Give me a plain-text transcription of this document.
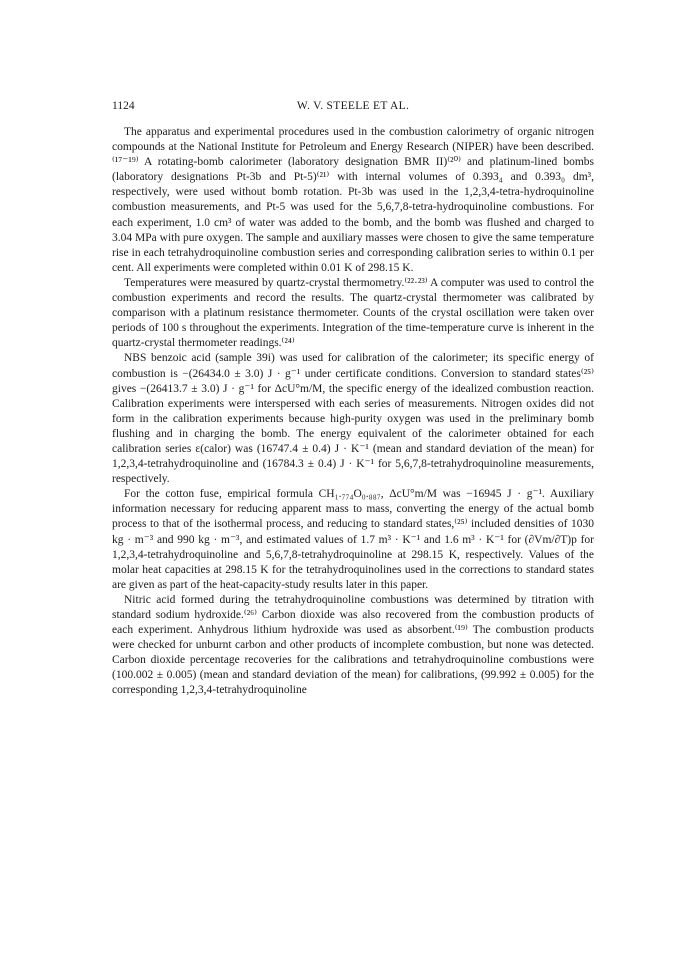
1124	W. V. STEELE ET AL.

The apparatus and experimental procedures used in the combustion calorimetry of organic nitrogen compounds at the National Institute for Petroleum and Energy Research (NIPER) have been described.⁽¹⁷⁻¹⁹⁾ A rotating-bomb calorimeter (laboratory designation BMR II)⁽²⁰⁾ and platinum-lined bombs (laboratory designations Pt-3b and Pt-5)⁽²¹⁾ with internal volumes of 0.393₄ and 0.393₀ dm³, respectively, were used without bomb rotation. Pt-3b was used in the 1,2,3,4-tetra-hydroquinoline combustion measurements, and Pt-5 was used for the 5,6,7,8-tetra-hydroquinoline combustions. For each experiment, 1.0 cm³ of water was added to the bomb, and the bomb was flushed and charged to 3.04 MPa with pure oxygen. The sample and auxiliary masses were chosen to give the same temperature rise in each tetrahydroquinoline combustion series and corresponding calibration series to within 0.1 per cent. All experiments were completed within 0.01 K of 298.15 K.

Temperatures were measured by quartz-crystal thermometry.⁽²²·²³⁾ A computer was used to control the combustion experiments and record the results. The quartz-crystal thermometer was calibrated by comparison with a platinum resistance thermometer. Counts of the crystal oscillation were taken over periods of 100 s throughout the experiments. Integration of the time-temperature curve is inherent in the quartz-crystal thermometer readings.⁽²⁴⁾

NBS benzoic acid (sample 39i) was used for calibration of the calorimeter; its specific energy of combustion is −(26434.0 ± 3.0) J · g⁻¹ under certificate conditions. Conversion to standard states⁽²⁵⁾ gives −(26413.7 ± 3.0) J · g⁻¹ for ΔcU°m/M, the specific energy of the idealized combustion reaction. Calibration experiments were interspersed with each series of measurements. Nitrogen oxides did not form in the calibration experiments because high-purity oxygen was used in the preliminary bomb flushing and in charging the bomb. The energy equivalent of the calorimeter obtained for each calibration series ε(calor) was (16747.4 ± 0.4) J · K⁻¹ (mean and standard deviation of the mean) for 1,2,3,4-tetrahydroquinoline and (16784.3 ± 0.4) J · K⁻¹ for 5,6,7,8-tetrahydroquinoline measurements, respectively.

For the cotton fuse, empirical formula CH₁.₇₇₄O₀.₈₈₇, ΔcU°m/M was −16945 J · g⁻¹. Auxiliary information necessary for reducing apparent mass to mass, converting the energy of the actual bomb process to that of the isothermal process, and reducing to standard states,⁽²⁵⁾ included densities of 1030 kg · m⁻³ and 990 kg · m⁻³, and estimated values of 1.7 m³ · K⁻¹ and 1.6 m³ · K⁻¹ for (∂Vm/∂T)p for 1,2,3,4-tetrahydroquinoline and 5,6,7,8-tetrahydroquinoline at 298.15 K, respectively. Values of the molar heat capacities at 298.15 K for the tetrahydroquinolines used in the corrections to standard states are given as part of the heat-capacity-study results later in this paper.

Nitric acid formed during the tetrahydroquinoline combustions was determined by titration with standard sodium hydroxide.⁽²⁶⁾ Carbon dioxide was also recovered from the combustion products of each experiment. Anhydrous lithium hydroxide was used as absorbent.⁽¹⁹⁾ The combustion products were checked for unburnt carbon and other products of incomplete combustion, but none was detected. Carbon dioxide percentage recoveries for the calibrations and tetrahydroquinoline combustions were (100.002 ± 0.005) (mean and standard deviation of the mean) for calibrations, (99.992 ± 0.005) for the corresponding 1,2,3,4-tetrahydroquinoline
